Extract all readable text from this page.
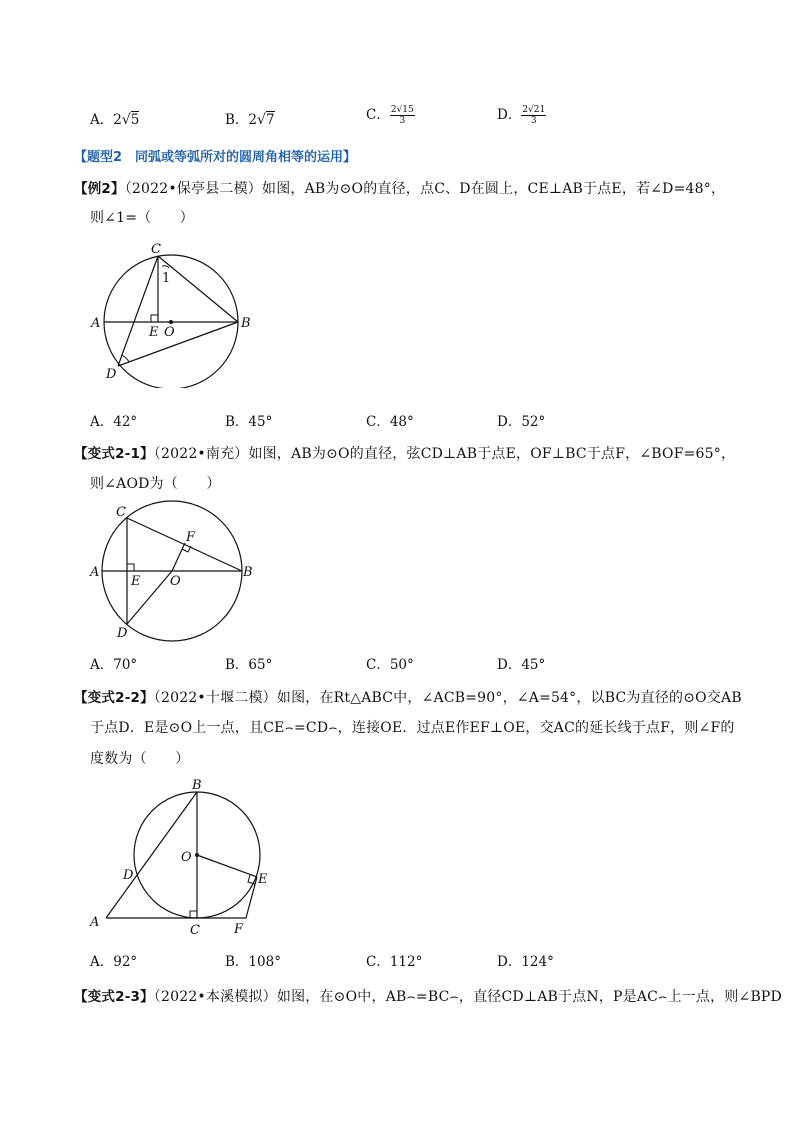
A．2√5	B．2√7	C． $\frac{2√15}{3}$	D． $\frac{2√21}{3}$
【题型2　同弧或等弧所对的圆周角相等的运用】
【例2】（2022•保亭县二模）如图，AB为⊙O的直径，点C、D在圆上，CE⊥AB于点E，若∠D=48°，
则∠1=（　　）
C
1
A
E O
B
D
A．42°	B．45°	C．48°	D．52°
【变式2-1】（2022•南充）如图，AB为⊙O的直径，弦CD⊥AB于点E，OF⊥BC于点F，∠BOF=65°，
则∠AOD为（　　）
C
F
A
E O
B
D
A．70°	B．65°	C．50°	D．45°
【变式2-2】（2022•十堰二模）如图，在Rt△ABC中，∠ACB=90°，∠A=54°，以BC为直径的⊙O交AB
于点D．E是⊙O上一点，且CE⌢=CD⌢，连接OE．过点E作EF⊥OE，交AC的延长线于点F，则∠F的
度数为（　　）
B
O
D	E
A
C	F
A．92°	B．108°	C．112°	D．124°
【变式2-3】（2022•本溪模拟）如图，在⊙O中，AB⌢=BC⌢，直径CD⊥AB于点N，P是AC⌢上一点，则∠BPD
